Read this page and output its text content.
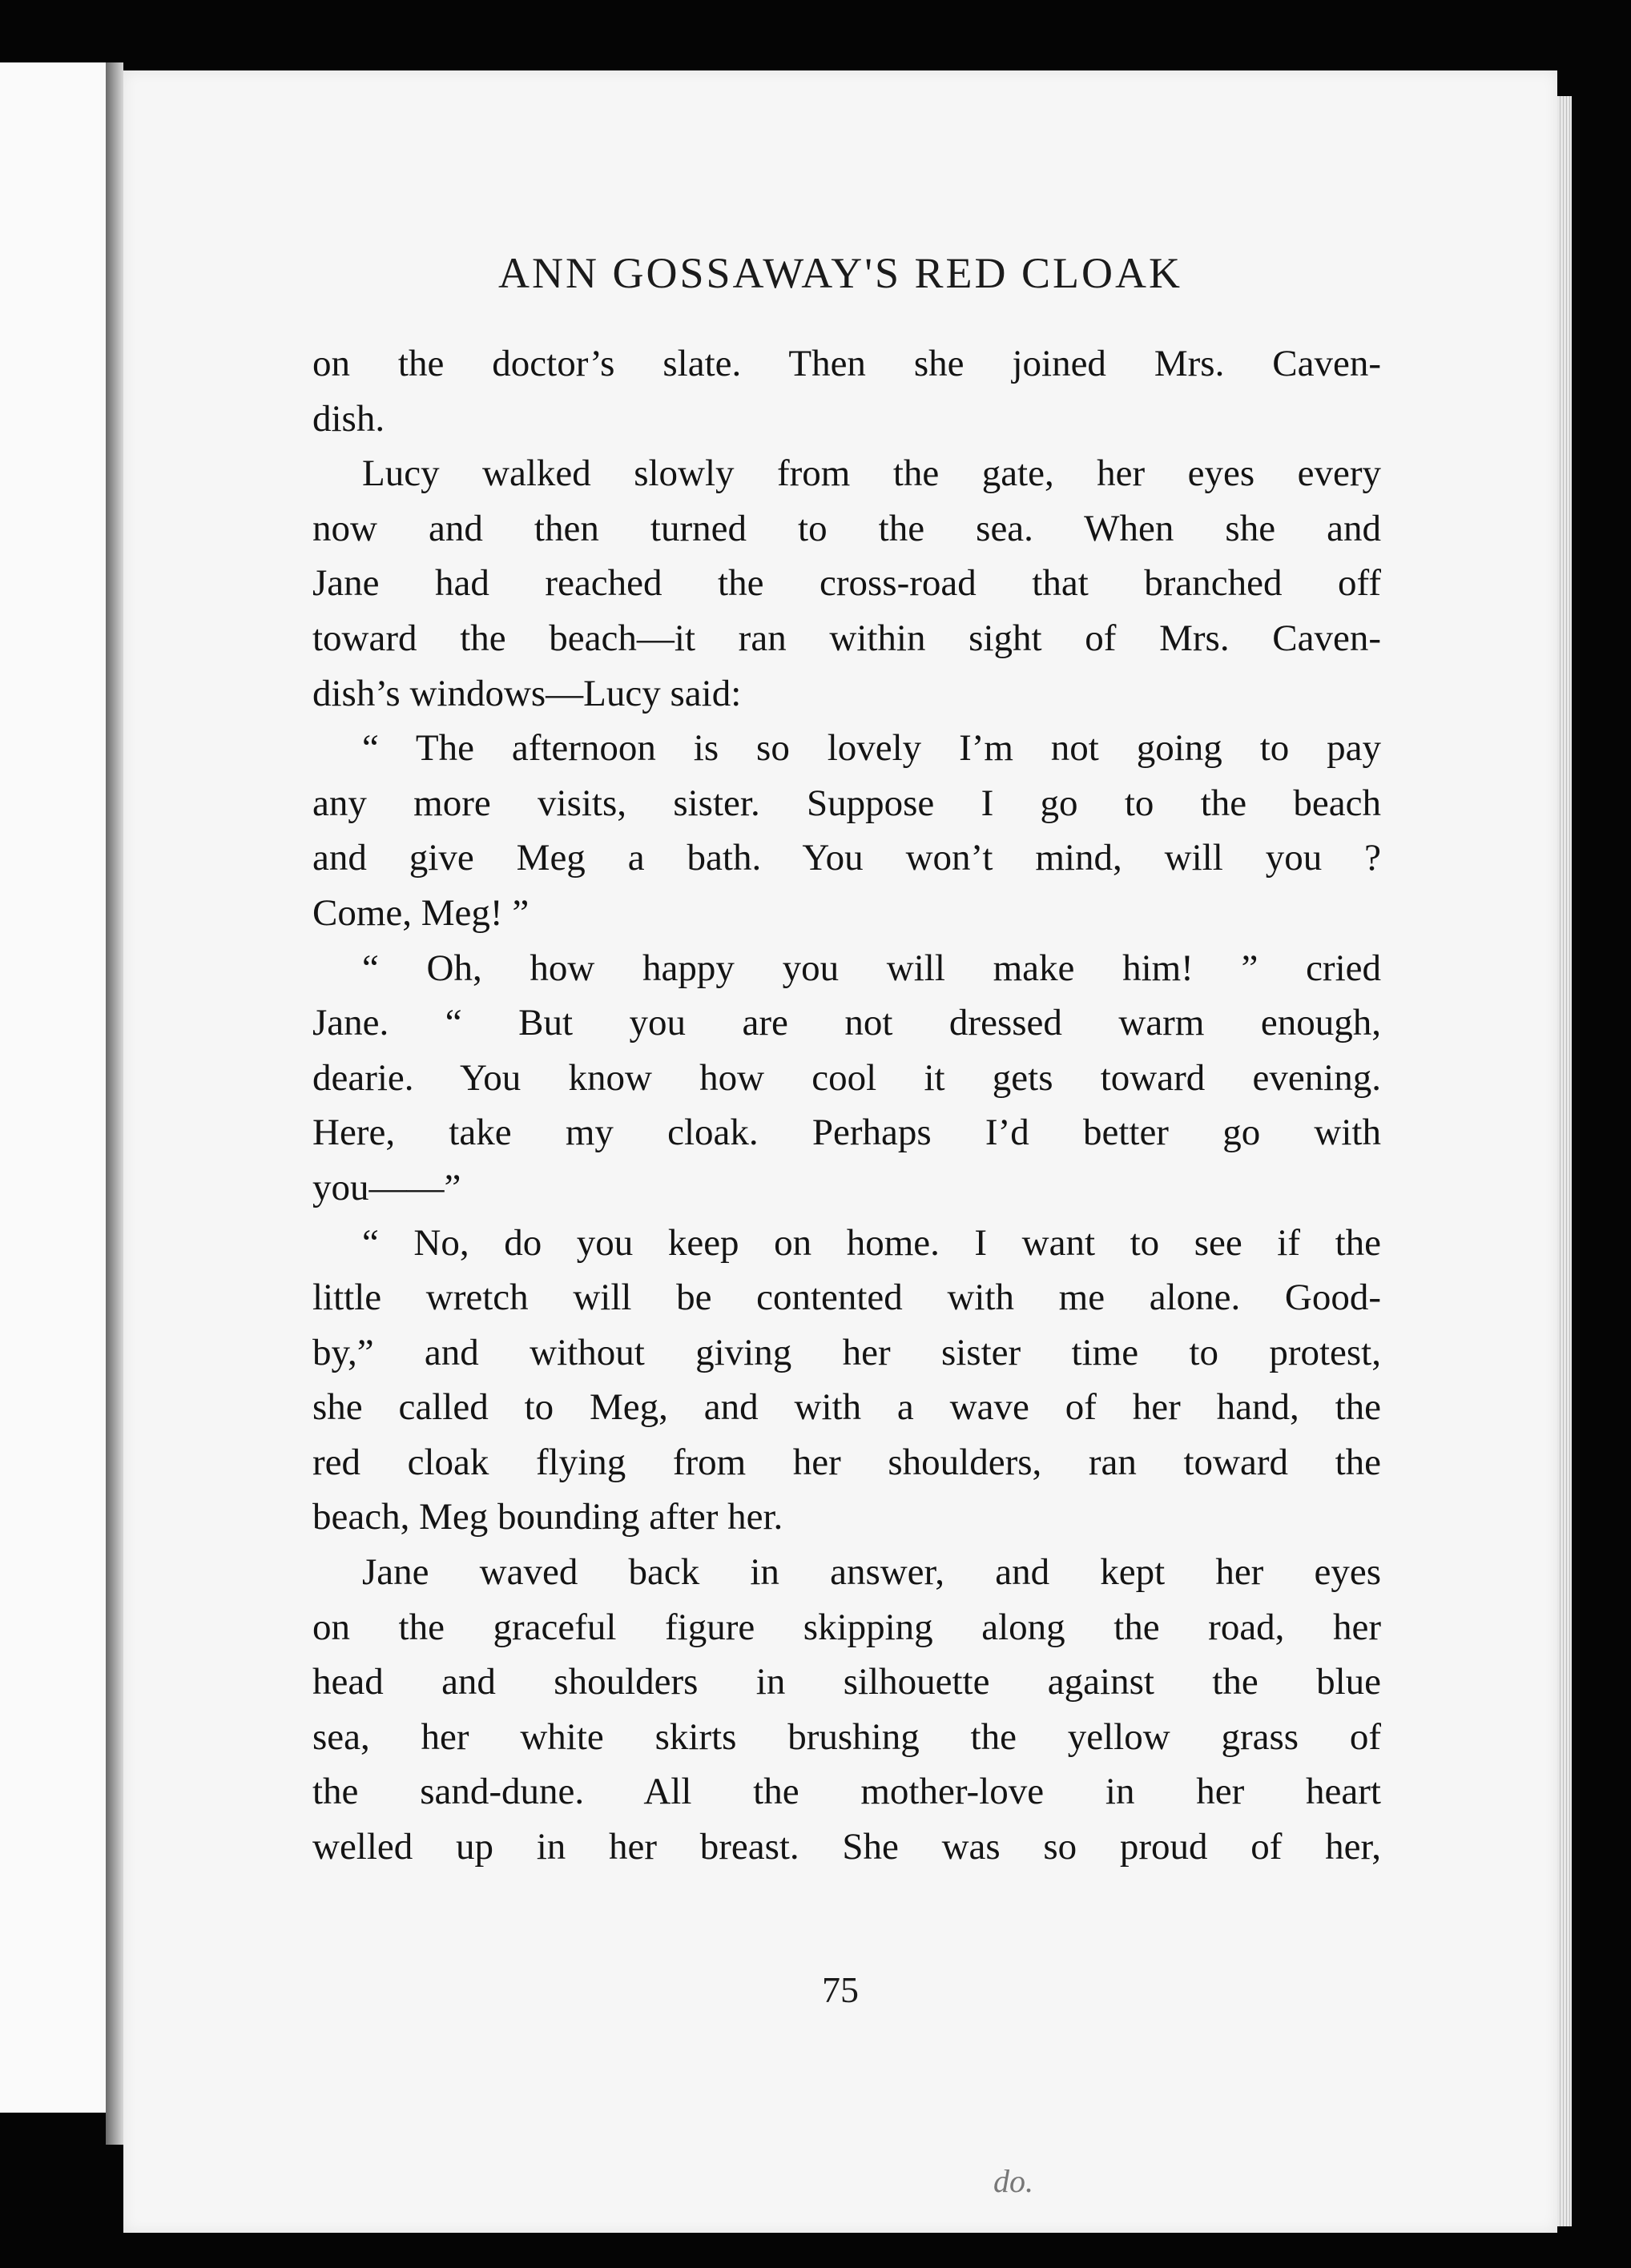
ANN GOSSAWAY'S RED CLOAK
on the doctor’s slate. Then she joined Mrs. Caven-
dish.
Lucy walked slowly from the gate, her eyes every
now and then turned to the sea. When she and
Jane had reached the cross-road that branched off
toward the beach—it ran within sight of Mrs. Caven-
dish’s windows—Lucy said:
“ The afternoon is so lovely I’m not going to pay
any more visits, sister. Suppose I go to the beach
and give Meg a bath. You won’t mind, will you ?
Come, Meg! ”
“ Oh, how happy you will make him! ” cried
Jane. “ But you are not dressed warm enough,
dearie. You know how cool it gets toward evening.
Here, take my cloak. Perhaps I’d better go with
you——”
“ No, do you keep on home. I want to see if the
little wretch will be contented with me alone. Good-
by,” and without giving her sister time to protest,
she called to Meg, and with a wave of her hand, the
red cloak flying from her shoulders, ran toward the
beach, Meg bounding after her.
Jane waved back in answer, and kept her eyes
on the graceful figure skipping along the road, her
head and shoulders in silhouette against the blue
sea, her white skirts brushing the yellow grass of
the sand-dune. All the mother-love in her heart
welled up in her breast. She was so proud of her,
75
do.
